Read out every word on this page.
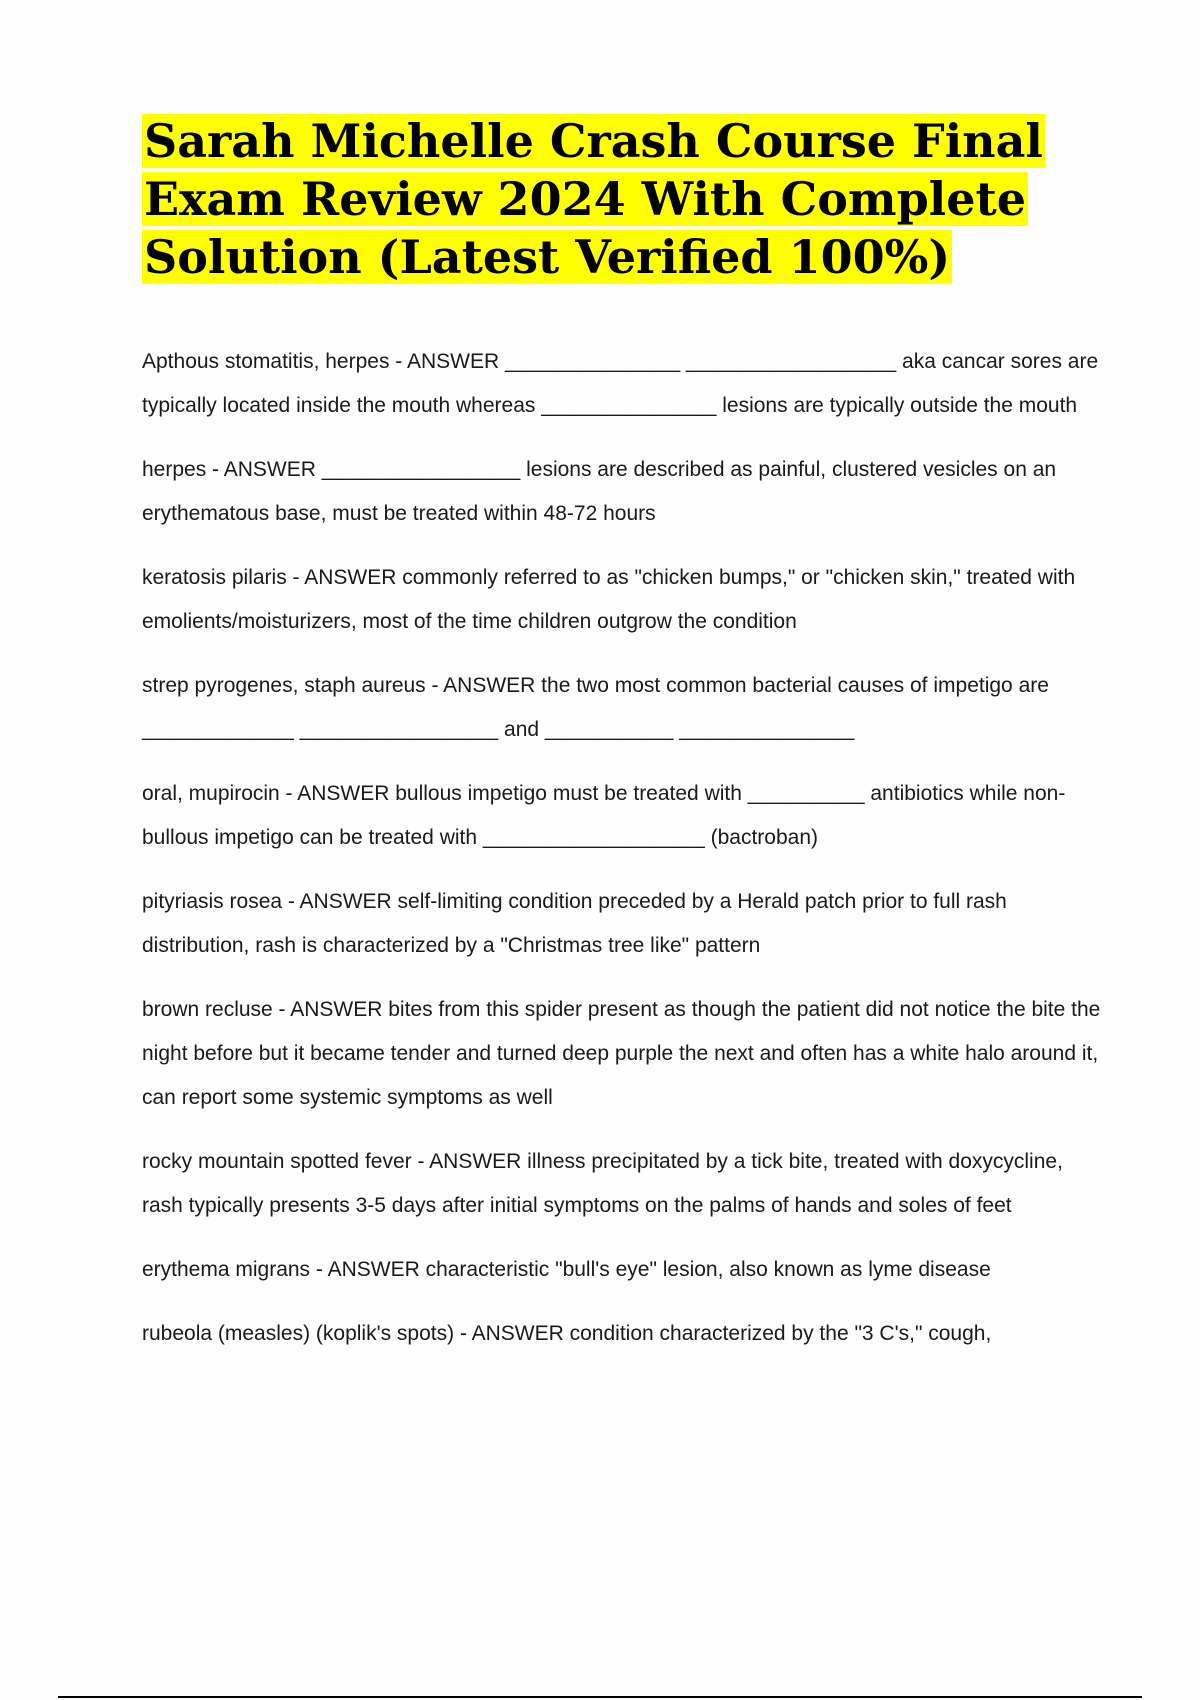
Sarah Michelle Crash Course Final Exam Review 2024 With Complete Solution (Latest Verified 100%)

Apthous stomatitis, herpes - ANSWER _______________ __________________ aka cancar sores are typically located inside the mouth whereas _______________ lesions are typically outside the mouth

herpes - ANSWER _________________ lesions are described as painful, clustered vesicles on an erythematous base, must be treated within 48-72 hours

keratosis pilaris - ANSWER commonly referred to as "chicken bumps," or "chicken skin," treated with emolients/moisturizers, most of the time children outgrow the condition

strep pyrogenes, staph aureus - ANSWER the two most common bacterial causes of impetigo are _____________ _________________ and ___________ _______________

oral, mupirocin - ANSWER bullous impetigo must be treated with __________ antibiotics while non-bullous impetigo can be treated with ___________________ (bactroban)

pityriasis rosea - ANSWER self-limiting condition preceded by a Herald patch prior to full rash distribution, rash is characterized by a "Christmas tree like" pattern

brown recluse - ANSWER bites from this spider present as though the patient did not notice the bite the night before but it became tender and turned deep purple the next and often has a white halo around it, can report some systemic symptoms as well

rocky mountain spotted fever - ANSWER illness precipitated by a tick bite, treated with doxycycline, rash typically presents 3-5 days after initial symptoms on the palms of hands and soles of feet

erythema migrans - ANSWER characteristic "bull's eye" lesion, also known as lyme disease

rubeola (measles) (koplik's spots) - ANSWER condition characterized by the "3 C's," cough,
